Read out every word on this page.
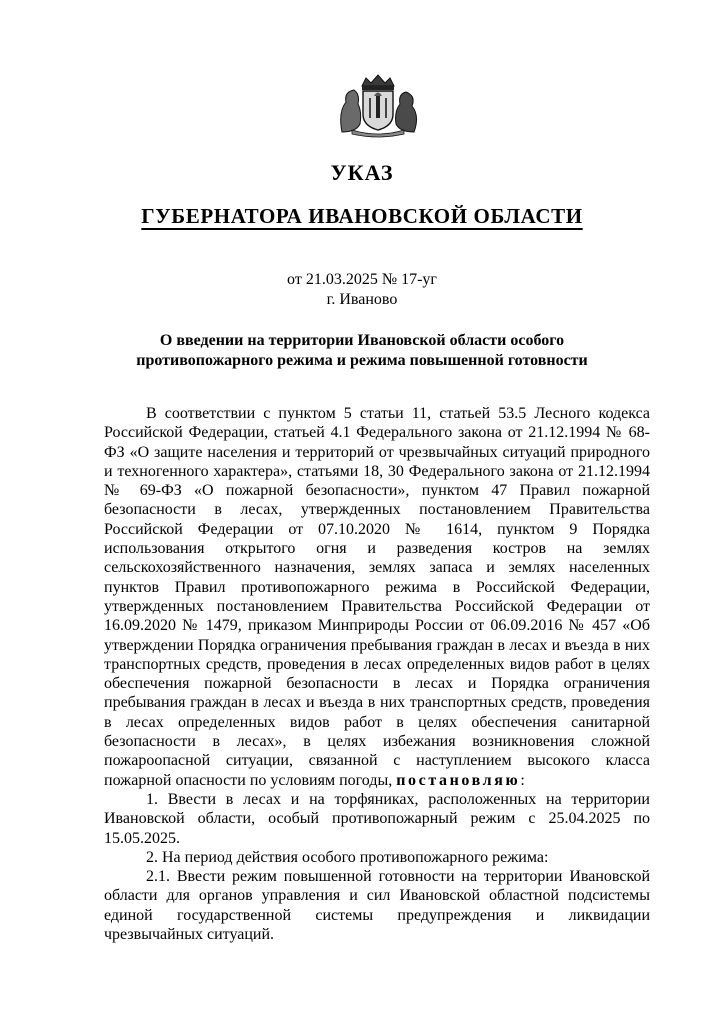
УКАЗ
ГУБЕРНАТОРА ИВАНОВСКОЙ ОБЛАСТИ
от 21.03.2025 № 17-уг
г. Иваново
О введении на территории Ивановской области особого
противопожарного режима и режима повышенной готовности

В соответствии с пунктом 5 статьи 11, статьей 53.5 Лесного кодекса Российской Федерации, статьей 4.1 Федерального закона от 21.12.1994 № 68-ФЗ «О защите населения и территорий от чрезвычайных ситуаций природного и техногенного характера», статьями 18, 30 Федерального закона от 21.12.1994 № 69-ФЗ «О пожарной безопасности», пунктом 47 Правил пожарной безопасности в лесах, утвержденных постановлением Правительства Российской Федерации от 07.10.2020 № 1614, пунктом 9 Порядка использования открытого огня и разведения костров на землях сельскохозяйственного назначения, землях запаса и землях населенных пунктов Правил противопожарного режима в Российской Федерации, утвержденных постановлением Правительства Российской Федерации от 16.09.2020 № 1479, приказом Минприроды России от 06.09.2016 № 457 «Об утверждении Порядка ограничения пребывания граждан в лесах и въезда в них транспортных средств, проведения в лесах определенных видов работ в целях обеспечения пожарной безопасности в лесах и Порядка ограничения пребывания граждан в лесах и въезда в них транспортных средств, проведения в лесах определенных видов работ в целях обеспечения санитарной безопасности в лесах», в целях избежания возникновения сложной пожароопасной ситуации, связанной с наступлением высокого класса пожарной опасности по условиям погоды, постановляю:

1. Ввести в лесах и на торфяниках, расположенных на территории Ивановской области, особый противопожарный режим с 25.04.2025 по 15.05.2025.

2. На период действия особого противопожарного режима:

2.1. Ввести режим повышенной готовности на территории Ивановской области для органов управления и сил Ивановской областной подсистемы единой государственной системы предупреждения и ликвидации чрезвычайных ситуаций.
